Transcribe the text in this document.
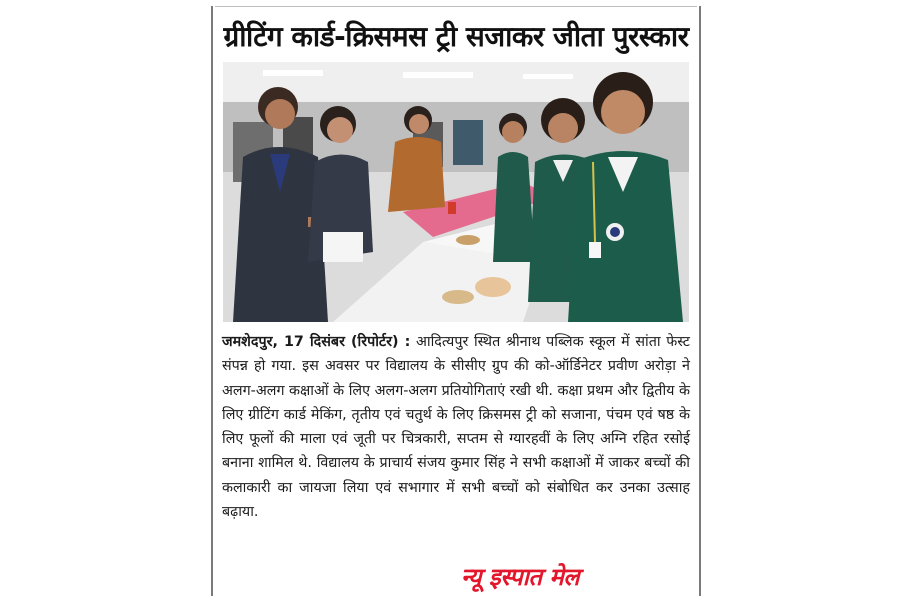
ग्रीटिंग कार्ड-क्रिसमस ट्री सजाकर जीता पुरस्कार
जमशेदपुर, 17 दिसंबर (रिपोर्टर) : आदित्यपुर स्थित श्रीनाथ पब्लिक स्कूल में सांता फेस्ट संपन्न हो गया. इस अवसर पर विद्यालय के सीसीए ग्रुप की को-ऑर्डिनेटर प्रवीण अरोड़ा ने अलग-अलग कक्षाओं के लिए अलग-अलग प्रतियोगिताएं रखी थी. कक्षा प्रथम और द्वितीय के लिए ग्रीटिंग कार्ड मेकिंग, तृतीय एवं चतुर्थ के लिए क्रिसमस ट्री को सजाना, पंचम एवं षष्ठ के लिए फूलों की माला एवं जूती पर चित्रकारी, सप्तम से ग्यारहवीं के लिए अग्नि रहित रसोई बनाना शामिल थे. विद्यालय के प्राचार्य संजय कुमार सिंह ने सभी कक्षाओं में जाकर बच्चों की कलाकारी का जायजा लिया एवं सभागार में सभी बच्चों को संबोधित कर उनका उत्साह बढ़ाया.
न्यू इस्पात मेल
